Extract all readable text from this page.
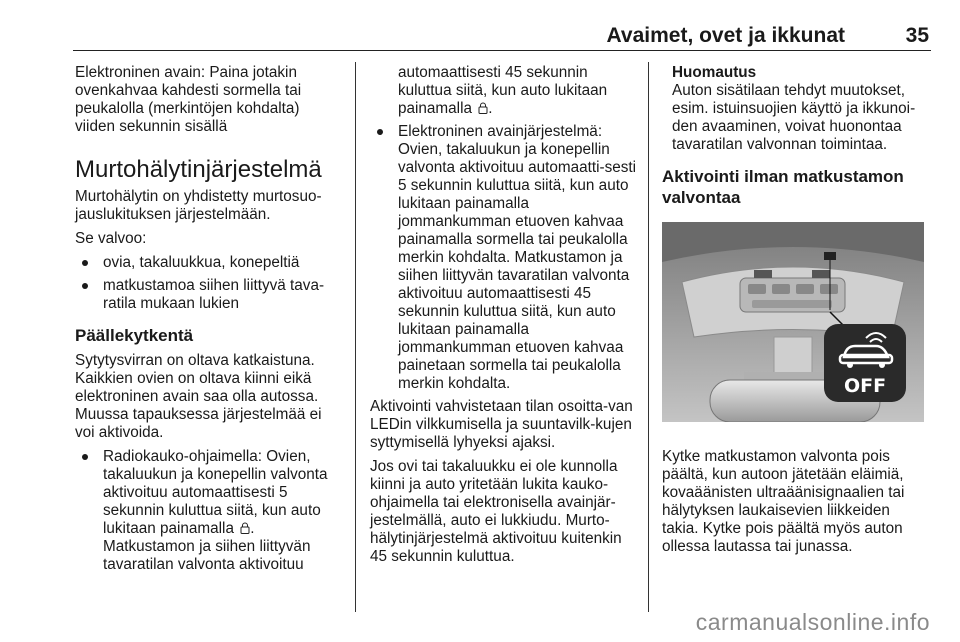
Avaimet, ovet ja ikkunat	35

Elektroninen avain: Paina jotakin ovenkahvaa kahdesti sormella tai peukalolla (merkintöjen kohdalta) viiden sekunnin sisällä

Murtohälytinjärjestelmä

Murtohälytin on yhdistetty murtosuo-jauslukituksen järjestelmään.

Se valvoo:

ovia, takaluukkua, konepeltiä
matkustamoa siihen liittyvä tava-ratila mukaan lukien
Päällekytkentä

Sytytysvirran on oltava katkaistuna. Kaikkien ovien on oltava kiinni eikä elektroninen avain saa olla autossa. Muussa tapauksessa järjestelmää ei voi aktivoida.

Radiokauko-ohjaimella: Ovien, takaluukun ja konepellin valvonta aktivoituu automaattisesti 5 sekunnin kuluttua siitä, kun auto lukitaan painamalla .
Matkustamon ja siihen liittyvän tavaratilan valvonta aktivoituu
automaattisesti 45 sekunnin kuluttua siitä, kun auto lukitaan painamalla .
Elektroninen avainjärjestelmä: Ovien, takaluukun ja konepellin valvonta aktivoituu automaatti-sesti 5 sekunnin kuluttua siitä, kun auto lukitaan painamalla jommankumman etuoven kahvaa painamalla sormella tai peukalolla merkin kohdalta. Matkustamon ja siihen liittyvän tavaratilan valvonta aktivoituu automaattisesti 45 sekunnin kuluttua siitä, kun auto lukitaan painamalla jommankumman etuoven kahvaa painetaan sormella tai peukalolla merkin kohdalta.

Aktivointi vahvistetaan tilan osoitta-van LEDin vilkkumisella ja suuntavilk-kujen syttymisellä lyhyeksi ajaksi.

Jos ovi tai takaluukku ei ole kunnolla kiinni ja auto yritetään lukita kauko-ohjaimella tai elektronisella avainjär-jestelmällä, auto ei lukkiudu. Murto-hälytinjärjestelmä aktivoituu kuitenkin 45 sekunnin kuluttua.

Huomautus
Auton sisätilaan tehdyt muutokset, esim. istuinsuojien käyttö ja ikkunoi-den avaaminen, voivat huonontaa tavaratilan valvonnan toimintaa.
Aktivointi ilman matkustamon valvontaa
OFF

Kytke matkustamon valvonta pois päältä, kun autoon jätetään eläimiä, kovaäänisten ultraäänisignaalien tai hälytyksen laukaisevien liikkeiden takia. Kytke pois päältä myös auton ollessa lautassa tai junassa.

carmanualsonline.info
